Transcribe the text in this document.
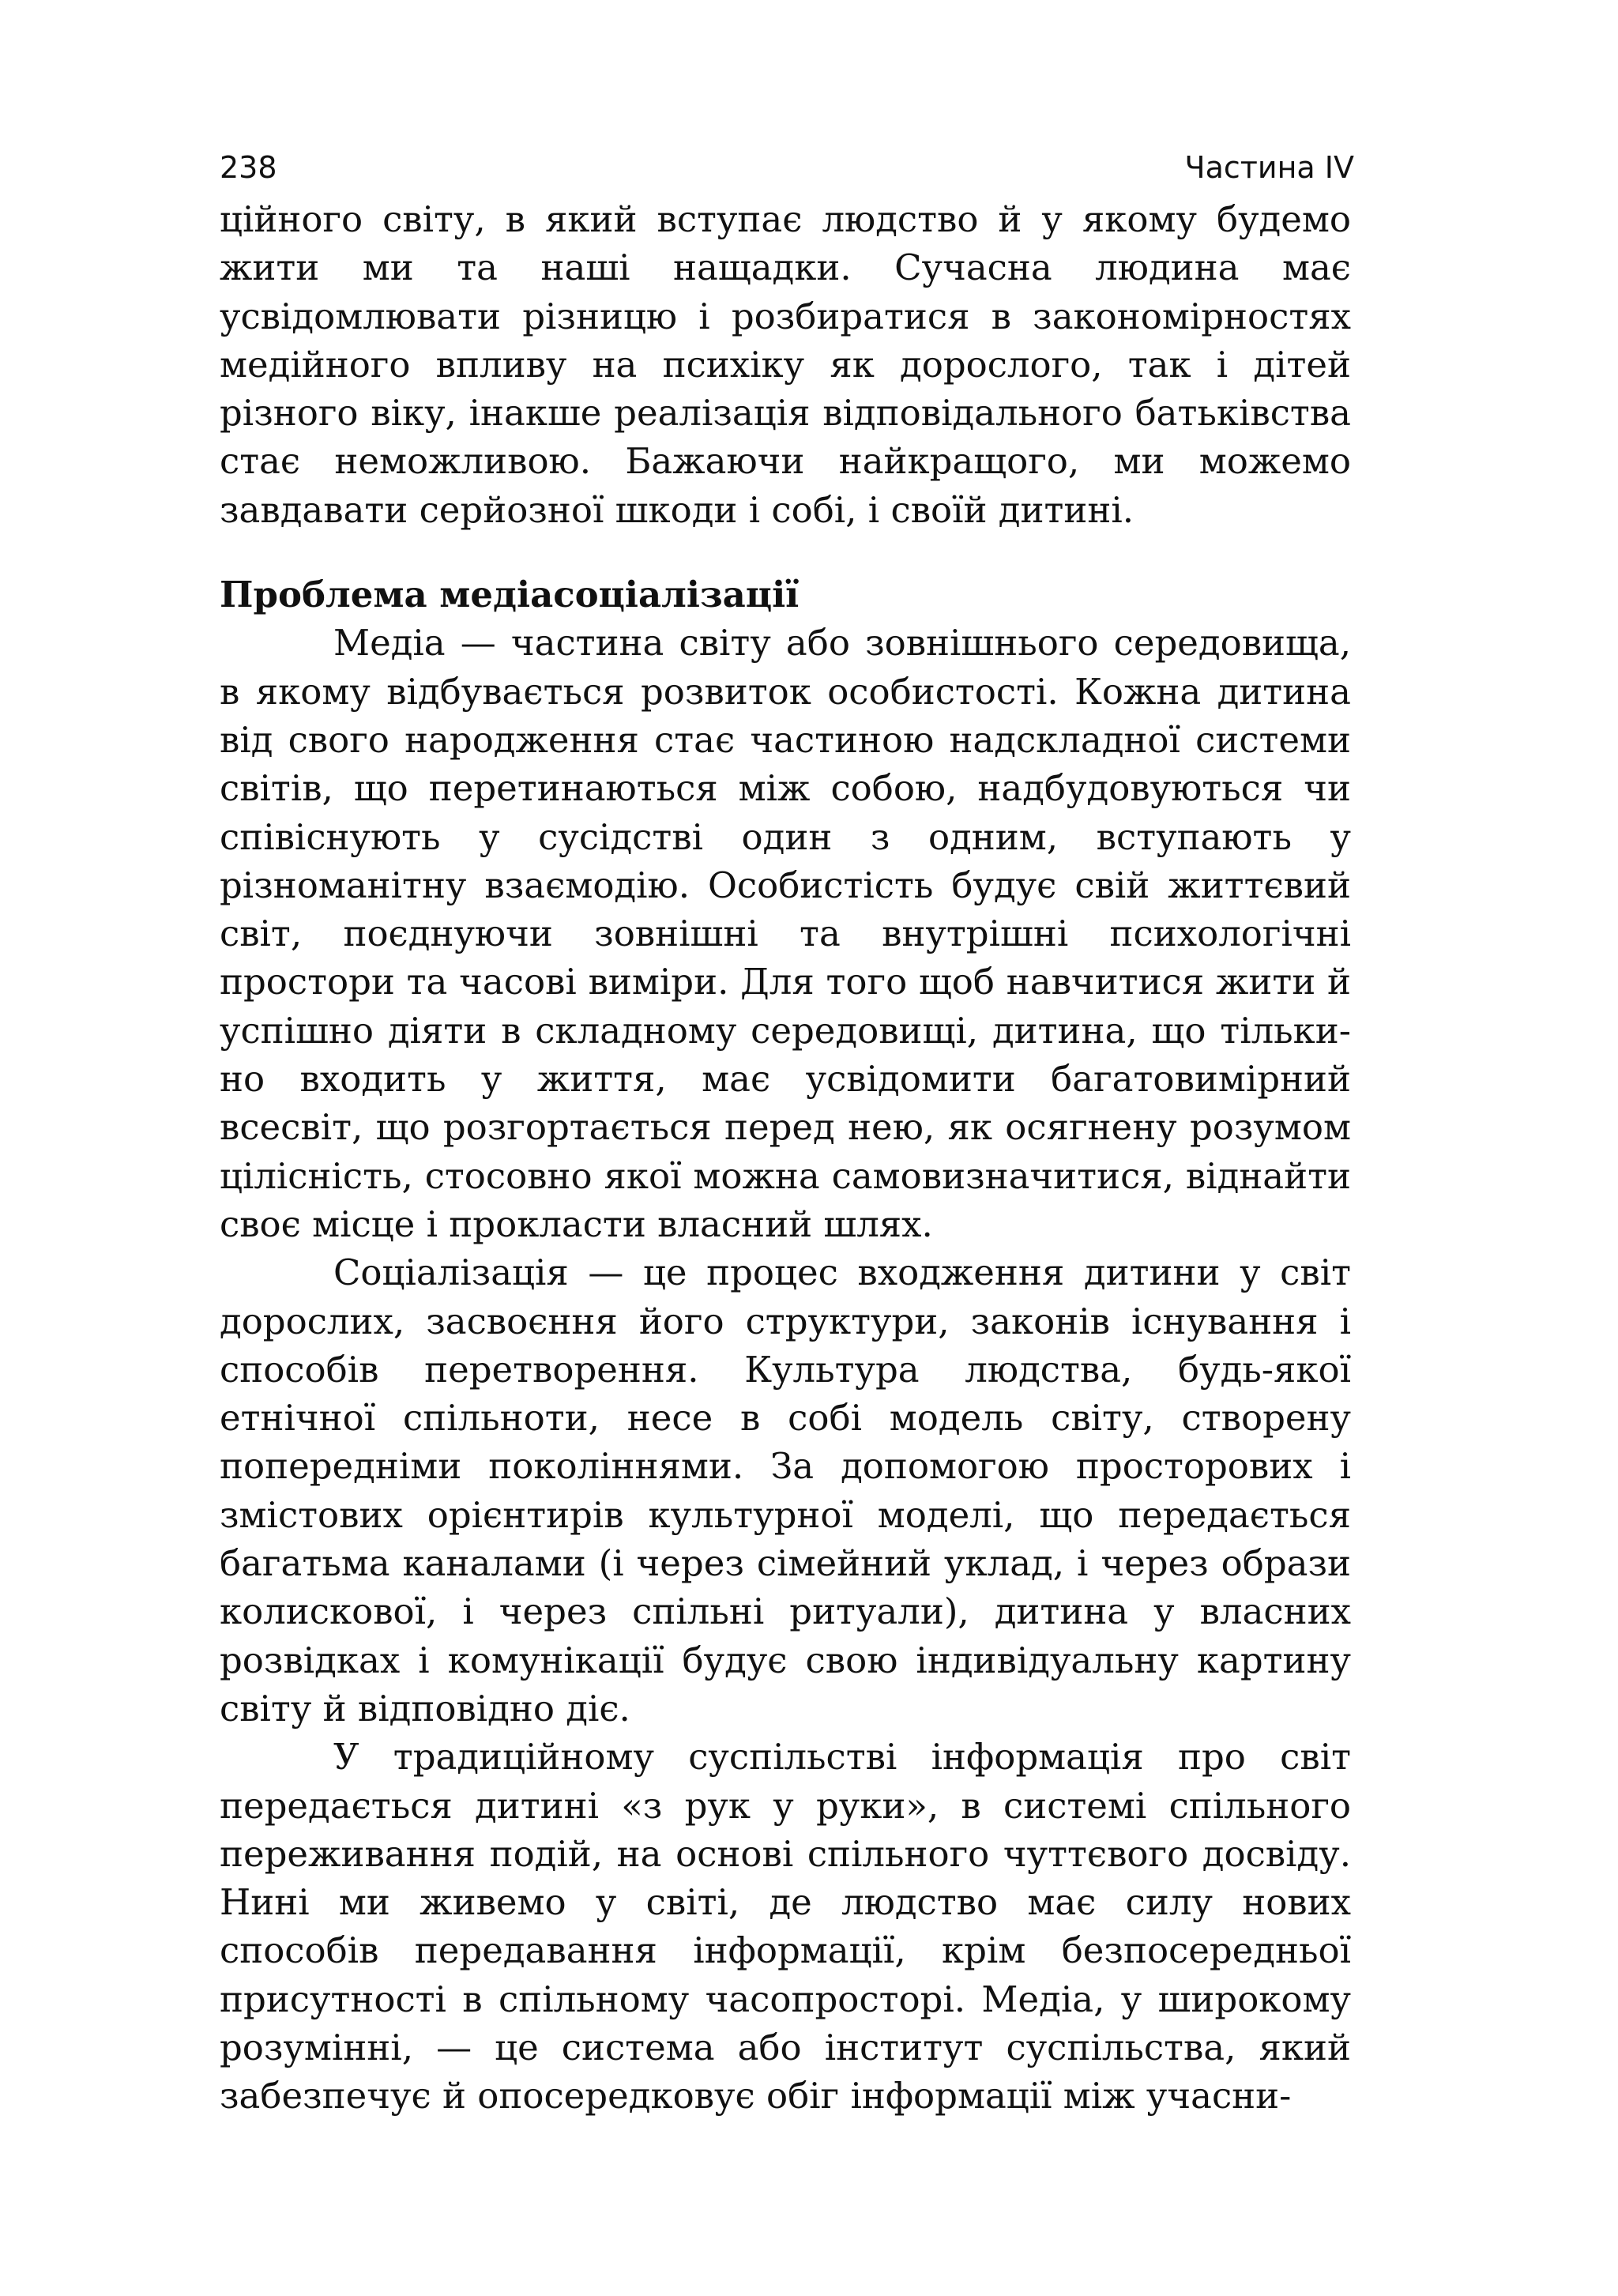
238	Частина IV

ційного світу, в який вступає людство й у якому будемо жити ми та наші нащадки. Сучасна людина має усвідомлювати різницю і розбиратися в закономірностях медійного впливу на психіку як дорослого, так і дітей різного віку, інакше реалізація відповідального батьківства стає неможливою. Бажаючи найкращого, ми можемо завдавати серйозної шкоди і собі, і своїй дитині.

Проблема медіасоціалізації

Медіа — частина світу або зовнішнього середовища, в якому відбувається розвиток особистості. Кожна дитина від свого народження стає частиною надскладної системи світів, що перетинаються між собою, надбудовуються чи співіснують у сусідстві один з одним, вступають у різноманітну взаємодію. Особистість будує свій життєвий світ, поєднуючи зовнішні та внутрішні психологічні простори та часові виміри. Для того щоб навчитися жити й успішно діяти в складному середовищі, дитина, що тільки-но входить у життя, має усвідомити багатовимірний всесвіт, що розгортається перед нею, як осягнену розумом цілісність, стосовно якої можна самовизначитися, віднайти своє місце і прокласти власний шлях.

Соціалізація — це процес входження дитини у світ дорослих, засвоєння його структури, законів існування і способів перетворення. Культура людства, будь-якої етнічної спільноти, несе в собі модель світу, створену попередніми поколіннями. За допомогою просторових і змістових орієнтирів культурної моделі, що передається багатьма каналами (і через сімейний уклад, і через образи колискової, і через спільні ритуали), дитина у власних розвідках і комунікації будує свою індивідуальну картину світу й відповідно діє.

У традиційному суспільстві інформація про світ передається дитині «з рук у руки», в системі спільного переживання подій, на основі спільного чуттєвого досвіду. Нині ми живемо у світі, де людство має силу нових способів передавання інформації, крім безпосередньої присутності в спільному часопросторі. Медіа, у широкому розумінні, — це система або інститут суспільства, який забезпечує й опосередковує обіг інформації між учасни-
